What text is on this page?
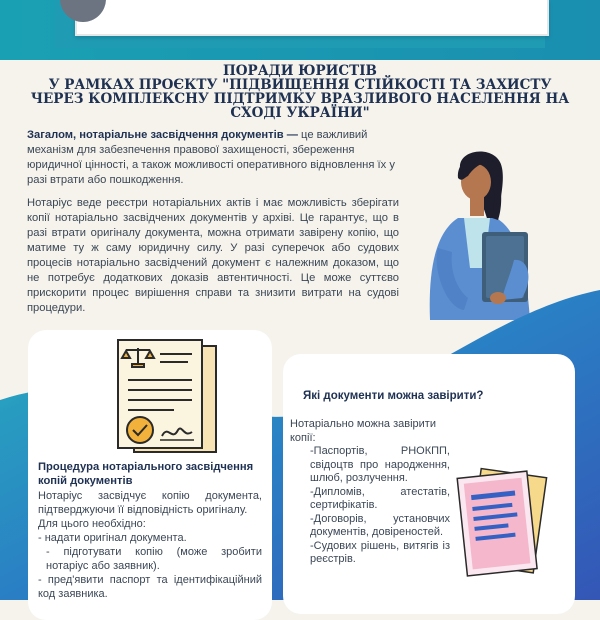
ПОРАДИ ЮРИСТІВ
У РАМКАХ ПРОЄКТУ "ПІДВИЩЕННЯ СТІЙКОСТІ ТА ЗАХИСТУ
ЧЕРЕЗ КОМПЛЕКСНУ ПІДТРИМКУ ВРАЗЛИВОГО НАСЕЛЕННЯ НА
СХОДІ УКРАЇНИ"
Загалом, нотаріальне засвідчення документів — це важливий механізм для забезпечення правової захищеності, збереження юридичної цінності, а також можливості оперативного відновлення їх у разі втрати або пошкодження.
Нотаріус веде реєстри нотаріальних актів і має можливість зберігати копії нотаріально засвідчених документів у архіві. Це гарантує, що в разі втрати оригіналу документа, можна отримати завірену копію, що матиме ту ж саму юридичну силу. У разі суперечок або судових процесів нотаріально засвідчений документ є належним доказом, що не потребує додаткових доказів автентичності. Це може суттєво прискорити процес вирішення справи та знизити витрати на судові процедури.
Процедура нотаріального засвідчення копій документів
Нотаріус засвідчує копію документа, підтверджуючи її відповідність оригіналу.
Для цього необхідно:
- надати оригінал документа.
- підготувати копію (може зробити нотаріус або заявник).
- пред'явити паспорт та ідентифікаційний код заявника.
Які документи можна завірити?
Нотаріально можна завірити копії:
-Паспортів, РНОКПП, свідоцтв про народження, шлюб, розлучення.
-Дипломів, атестатів, сертифікатів.
-Договорів, установчих документів, довіреностей.
-Судових рішень, витягів із реєстрів.
